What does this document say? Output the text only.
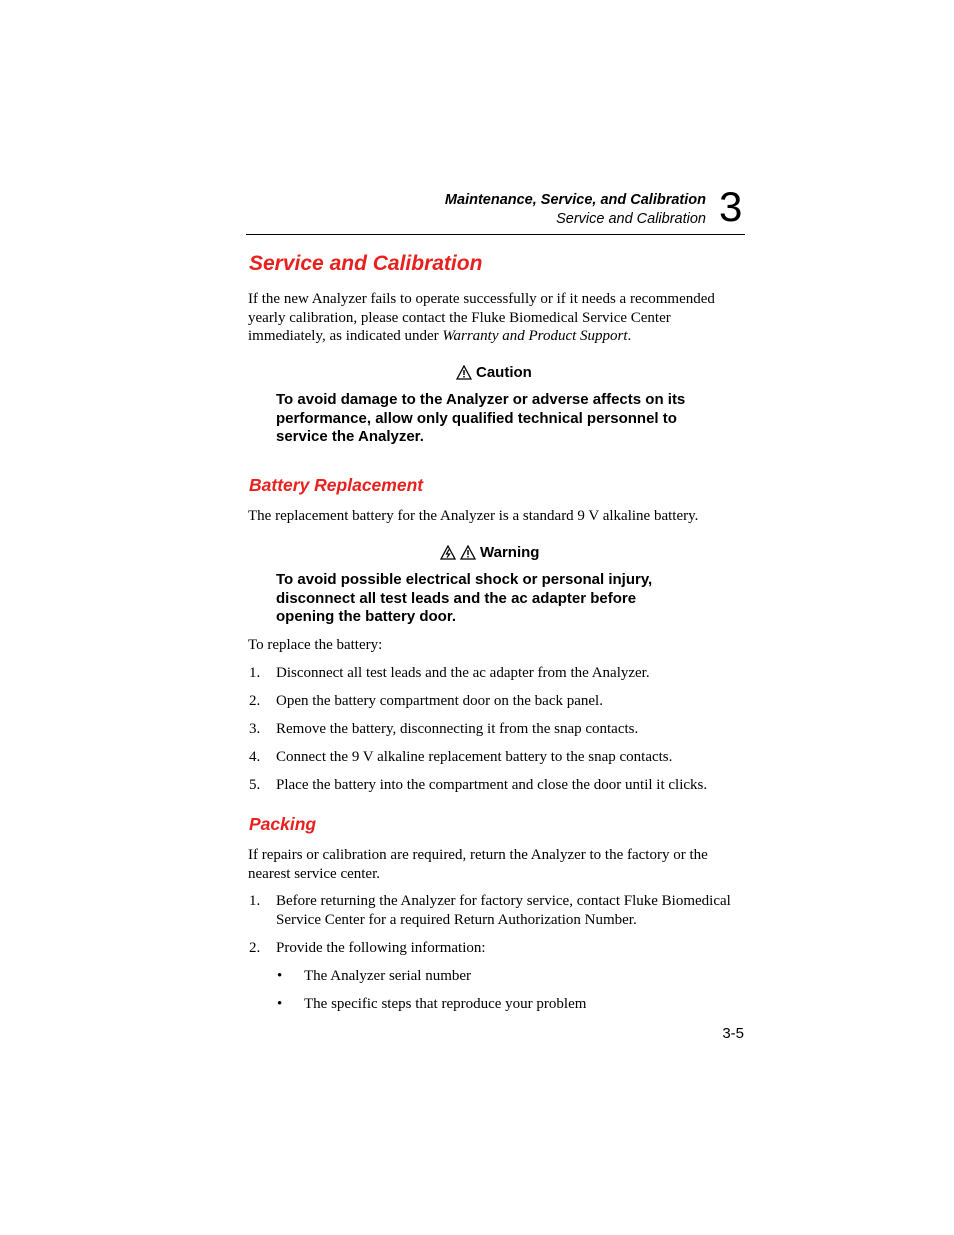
Maintenance, Service, and Calibration
Service and Calibration 3
Service and Calibration
If the new Analyzer fails to operate successfully or if it needs a recommended yearly calibration, please contact the Fluke Biomedical Service Center immediately, as indicated under Warranty and Product Support.
Caution
To avoid damage to the Analyzer or adverse affects on its performance, allow only qualified technical personnel to service the Analyzer.
Battery Replacement
The replacement battery for the Analyzer is a standard 9 V alkaline battery.
Warning
To avoid possible electrical shock or personal injury, disconnect all test leads and the ac adapter before opening the battery door.
To replace the battery:
1. Disconnect all test leads and the ac adapter from the Analyzer.
2. Open the battery compartment door on the back panel.
3. Remove the battery, disconnecting it from the snap contacts.
4. Connect the 9 V alkaline replacement battery to the snap contacts.
5. Place the battery into the compartment and close the door until it clicks.
Packing
If repairs or calibration are required, return the Analyzer to the factory or the nearest service center.
1. Before returning the Analyzer for factory service, contact Fluke Biomedical Service Center for a required Return Authorization Number.
2. Provide the following information:
• The Analyzer serial number
• The specific steps that reproduce your problem
3-5
